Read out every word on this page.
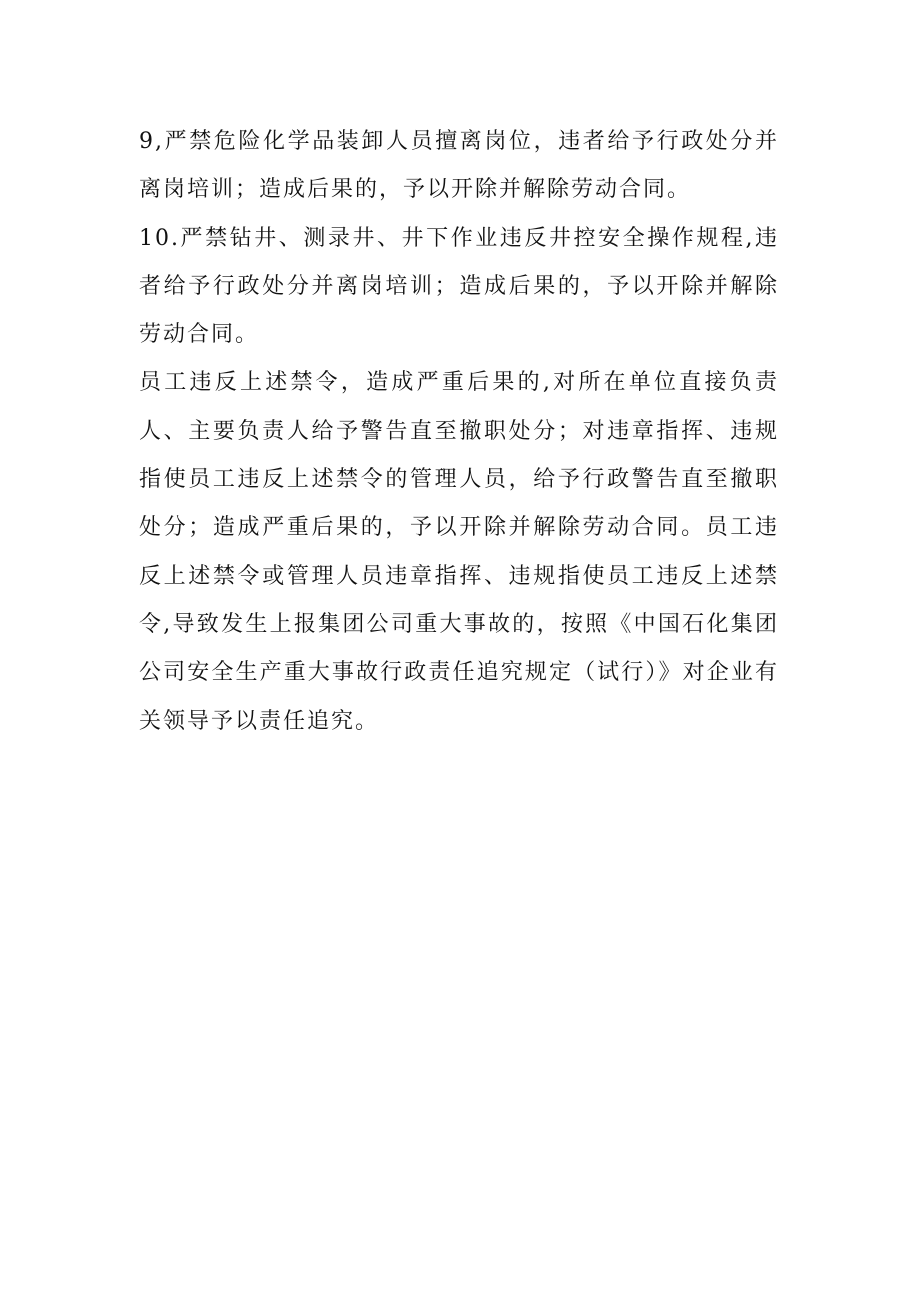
9,严禁危险化学品装卸人员擅离岗位，违者给予行政处分并离岗培训；造成后果的，予以开除并解除劳动合同。

10.严禁钻井、测录井、井下作业违反井控安全操作规程,违者给予行政处分并离岗培训；造成后果的，予以开除并解除劳动合同。

员工违反上述禁令，造成严重后果的,对所在单位直接负责人、主要负责人给予警告直至撤职处分；对违章指挥、违规指使员工违反上述禁令的管理人员，给予行政警告直至撤职处分；造成严重后果的，予以开除并解除劳动合同。员工违反上述禁令或管理人员违章指挥、违规指使员工违反上述禁令,导致发生上报集团公司重大事故的，按照《中国石化集团公司安全生产重大事故行政责任追究规定（试行）》对企业有关领导予以责任追究。
